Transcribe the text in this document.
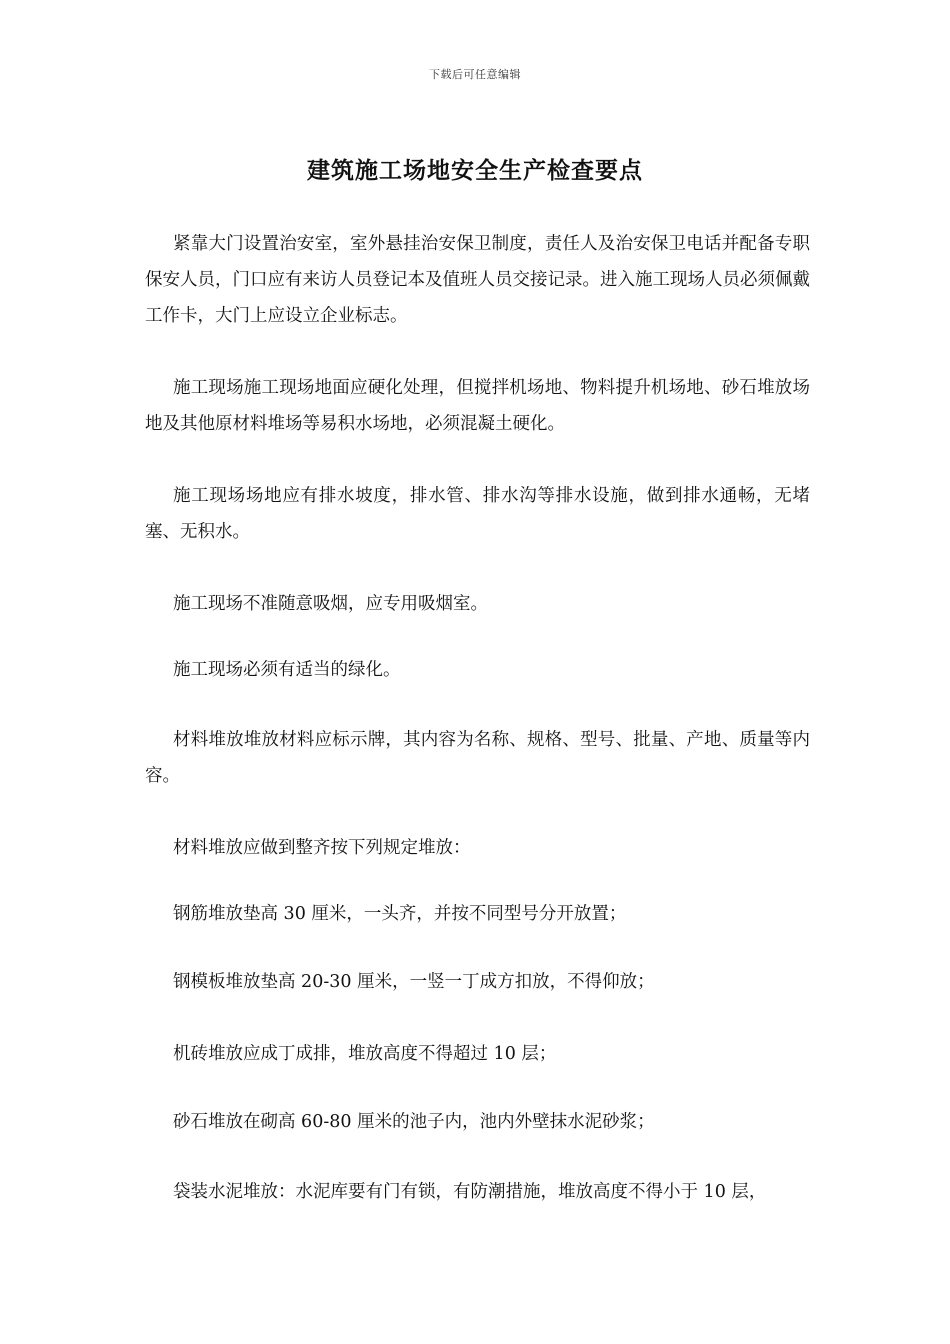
下载后可任意编辑
建筑施工场地安全生产检查要点

紧靠大门设置治安室，室外悬挂治安保卫制度，责任人及治安保卫电话并配备专职保安人员，门口应有来访人员登记本及值班人员交接记录。进入施工现场人员必须佩戴工作卡，大门上应设立企业标志。

施工现场施工现场地面应硬化处理，但搅拌机场地、物料提升机场地、砂石堆放场地及其他原材料堆场等易积水场地，必须混凝土硬化。

施工现场场地应有排水坡度，排水管、排水沟等排水设施，做到排水通畅，无堵塞、无积水。

施工现场不准随意吸烟，应专用吸烟室。

施工现场必须有适当的绿化。

材料堆放堆放材料应标示牌，其内容为名称、规格、型号、批量、产地、质量等内容。

材料堆放应做到整齐按下列规定堆放：

钢筋堆放垫高 30 厘米，一头齐，并按不同型号分开放置；

钢模板堆放垫高 20-30 厘米，一竖一丁成方扣放，不得仰放；

机砖堆放应成丁成排，堆放高度不得超过 10 层；

砂石堆放在砌高 60-80 厘米的池子内，池内外壁抹水泥砂浆；

袋装水泥堆放：水泥库要有门有锁，有防潮措施，堆放高度不得小于 10 层，
